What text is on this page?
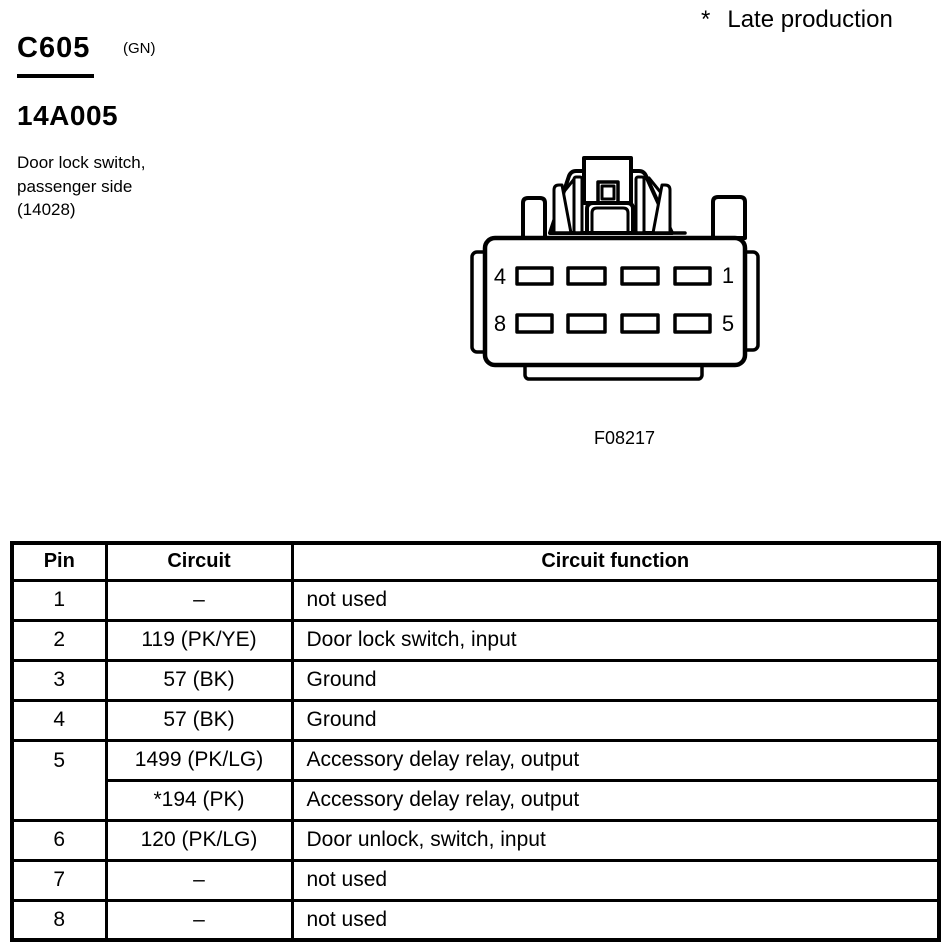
C605 (GN)
14A005
Door lock switch,
passenger side
(14028)
* Late production
4	1
8	5
F08217
Pin	Circuit	Circuit function
1	–	not used
2	119 (PK/YE)	Door lock switch, input
3	57 (BK)	Ground
4	57 (BK)	Ground
5	1499 (PK/LG)	Accessory delay relay, output
	*194 (PK)	Accessory delay relay, output
6	120 (PK/LG)	Door unlock, switch, input
7	–	not used
8	–	not used
